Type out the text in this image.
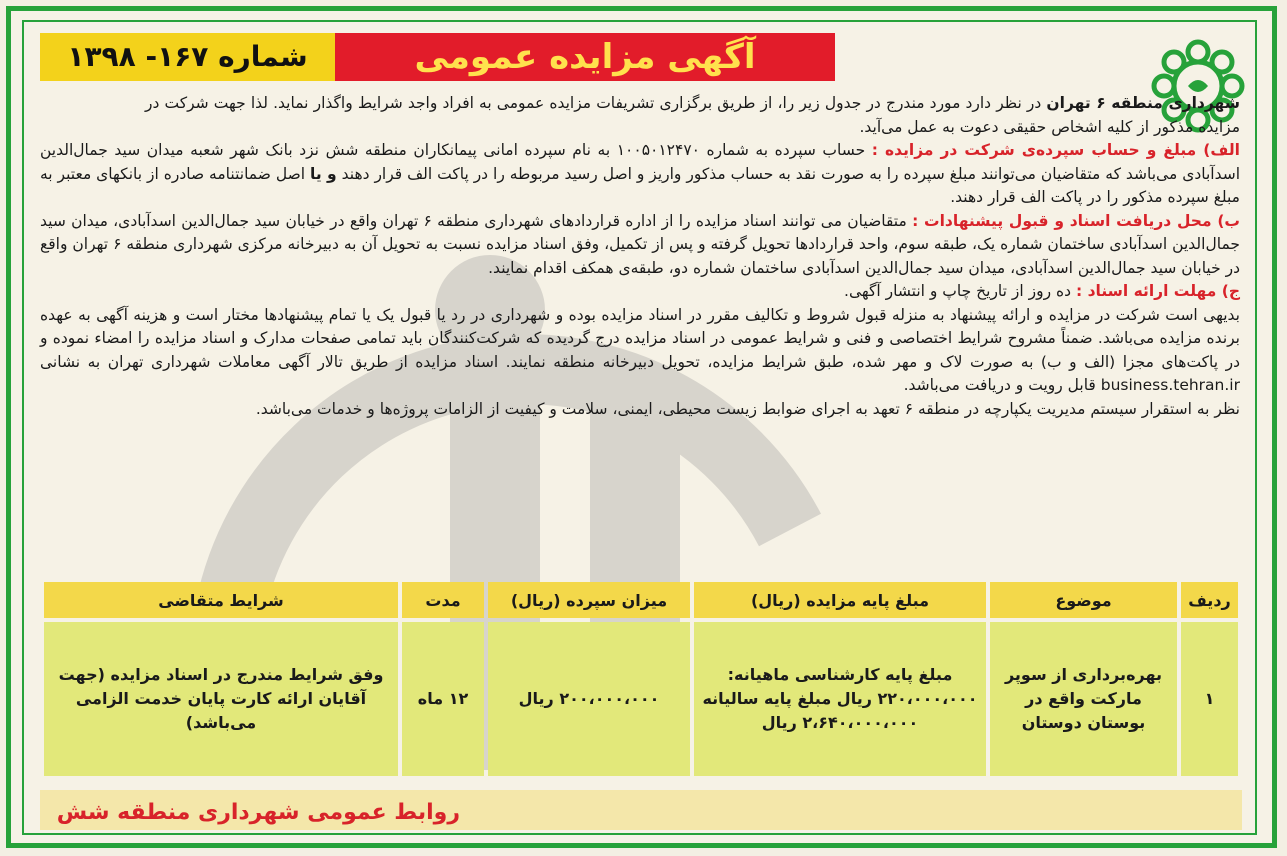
آگهی مزایده عمومی
شماره ۱۶۷- ۱۳۹۸

شهرداری منطقه ۶ تهران در نظر دارد مورد مندرج در جدول زیر را، از طریق برگزاری تشریفات مزایده عمومی به افراد واجد شرایط واگذار نماید. لذا جهت شرکت در مزایده مذکور از کلیه اشخاص حقیقی دعوت به عمل می‌آید.

الف) مبلغ و حساب سپرده‌ی شرکت در مزایده : حساب سپرده به شماره ۱۰۰۵۰۱۲۴۷۰ به نام سپرده امانی پیمانکاران منطقه شش نزد بانک شهر شعبه میدان سید جمال‌الدین اسدآبادی می‌باشد که متقاضیان می‌توانند مبلغ سپرده را به صورت نقد به حساب مذکور واریز و اصل رسید مربوطه را در پاکت الف قرار دهند و یا اصل ضمانتنامه صادره از بانکهای معتبر به مبلغ سپرده مذکور را در پاکت الف قرار دهند.

ب) محل دریافت اسناد و قبول پیشنهادات : متقاضیان می توانند اسناد مزایده را از اداره قراردادهای شهرداری منطقه ۶ تهران واقع در خیابان سید جمال‌الدین اسدآبادی، میدان سید جمال‌الدین اسدآبادی ساختمان شماره یک، طبقه سوم، واحد قراردادها تحویل گرفته و پس از تکمیل، وفق اسناد مزایده نسبت به تحویل آن به دبیرخانه مرکزی شهرداری منطقه ۶ تهران واقع در خیابان سید جمال‌الدین اسدآبادی، میدان سید جمال‌الدین اسدآبادی ساختمان شماره دو، طبقه‌ی همکف اقدام نمایند.

ج) مهلت ارائه اسناد : ده روز از تاریخ چاپ و انتشار آگهی.

بدیهی است شرکت در مزایده و ارائه پیشنهاد به منزله قبول شروط و تکالیف مقرر در اسناد مزایده بوده و شهرداری در رد یا قبول یک یا تمام پیشنهادها مختار است و هزینه آگهی به عهده برنده مزایده می‌باشد. ضمناً مشروح شرایط اختصاصی و فنی و شرایط عمومی در اسناد مزایده درج گردیده که شرکت‌کنندگان باید تمامی صفحات مدارک و اسناد مزایده را امضاء نموده و در پاکت‌های مجزا (الف و ب) به صورت لاک و مهر شده، طبق شرایط مزایده، تحویل دبیرخانه منطقه نمایند. اسناد مزایده از طریق تالار آگهی معاملات شهرداری تهران به نشانی business.tehran.ir قابل رویت و دریافت می‌باشد.

نظر به استقرار سیستم مدیریت یکپارچه در منطقه ۶ تعهد به اجرای ضوابط زیست محیطی، ایمنی، سلامت و کیفیت از الزامات پروژه‌ها و خدمات می‌باشد.

ردیف	موضوع	مبلغ پایه مزایده (ریال)	میزان سپرده (ریال)	مدت	شرایط متقاضی
۱	بهره‌برداری از سوپر مارکت واقع در بوستان دوستان	مبلغ پایه کارشناسی ماهیانه: ۲۲۰،۰۰۰،۰۰۰ ریال مبلغ پایه سالیانه ۲،۶۴۰،۰۰۰،۰۰۰ ریال	۲۰۰،۰۰۰،۰۰۰ ریال	۱۲ ماه	وفق شرایط مندرج در اسناد مزایده (جهت آقایان ارائه کارت پایان خدمت الزامی می‌باشد)
روابط عمومی شهرداری منطقه شش
